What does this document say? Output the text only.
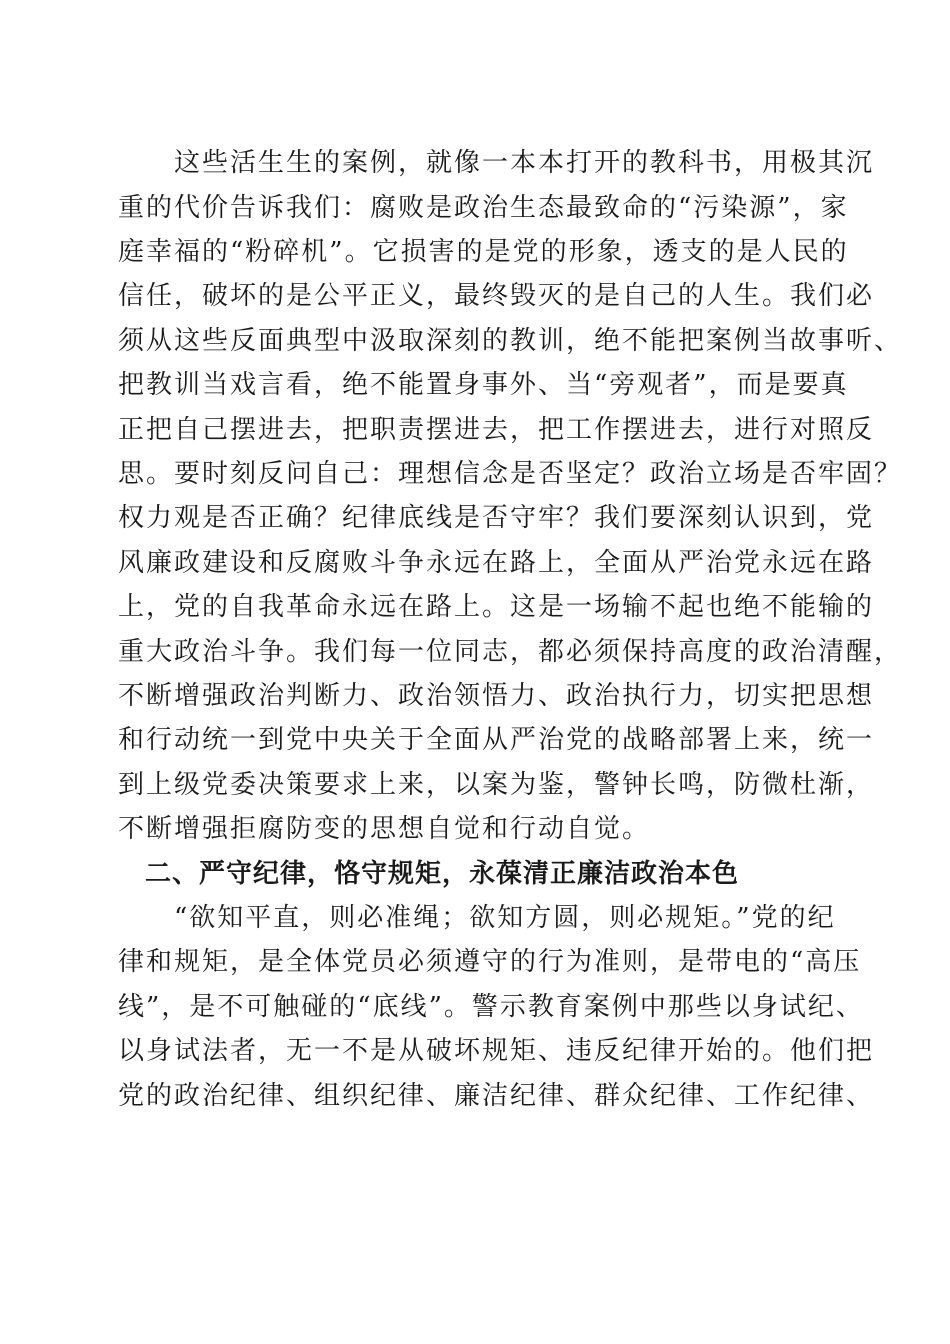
　　这些活生生的案例，就像一本本打开的教科书，用极其沉
重的代价告诉我们：腐败是政治生态最致命的“污染源”，家
庭幸福的“粉碎机”。它损害的是党的形象，透支的是人民的
信任，破坏的是公平正义，最终毁灭的是自己的人生。我们必
须从这些反面典型中汲取深刻的教训，绝不能把案例当故事听、
把教训当戏言看，绝不能置身事外、当“旁观者”，而是要真
正把自己摆进去，把职责摆进去，把工作摆进去，进行对照反
思。要时刻反问自己：理想信念是否坚定？政治立场是否牢固？
权力观是否正确？纪律底线是否守牢？我们要深刻认识到，党
风廉政建设和反腐败斗争永远在路上，全面从严治党永远在路
上，党的自我革命永远在路上。这是一场输不起也绝不能输的
重大政治斗争。我们每一位同志，都必须保持高度的政治清醒，
不断增强政治判断力、政治领悟力、政治执行力，切实把思想
和行动统一到党中央关于全面从严治党的战略部署上来，统一
到上级党委决策要求上来，以案为鉴，警钟长鸣，防微杜渐，
不断增强拒腐防变的思想自觉和行动自觉。
　二、严守纪律，恪守规矩，永葆清正廉洁政治本色
　　“欲知平直，则必准绳；欲知方圆，则必规矩。”党的纪
律和规矩，是全体党员必须遵守的行为准则，是带电的“高压
线”，是不可触碰的“底线”。警示教育案例中那些以身试纪、
以身试法者，无一不是从破坏规矩、违反纪律开始的。他们把
党的政治纪律、组织纪律、廉洁纪律、群众纪律、工作纪律、
